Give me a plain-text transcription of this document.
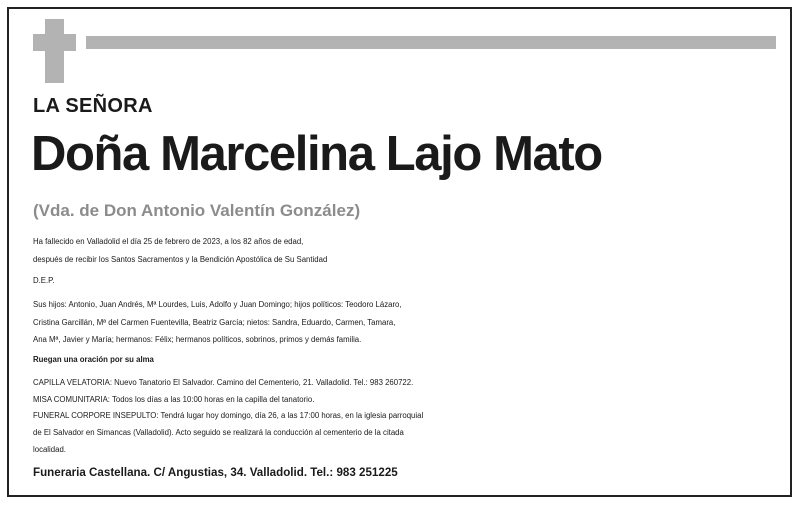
LA SEÑORA
Doña Marcelina Lajo Mato
(Vda. de Don Antonio Valentín González)
Ha fallecido en Valladolid el día 25 de febrero de 2023, a los 82 años de edad,
después de recibir los Santos Sacramentos y la Bendición Apostólica de Su Santidad
D.E.P.
Sus hijos: Antonio, Juan Andrés, Mª Lourdes, Luis, Adolfo y Juan Domingo; hijos políticos: Teodoro Lázaro,
Cristina Garcillán, Mª del Carmen Fuentevilla, Beatriz García; nietos: Sandra, Eduardo, Carmen, Tamara,
Ana Mª, Javier y María; hermanos: Félix; hermanos políticos, sobrinos, primos y demás familia.
Ruegan una oración por su alma
CAPILLA VELATORIA: Nuevo Tanatorio El Salvador. Camino del Cementerio, 21. Valladolid. Tel.: 983 260722.
MISA COMUNITARIA: Todos los días a las 10:00 horas en la capilla del tanatorio.
FUNERAL CORPORE INSEPULTO: Tendrá lugar hoy domingo, día 26, a las 17:00 horas, en la iglesia parroquial
de El Salvador en Simancas (Valladolid). Acto seguido se realizará la conducción al cementerio de la citada
localidad.
Funeraria Castellana. C/ Angustias, 34. Valladolid. Tel.: 983 251225
